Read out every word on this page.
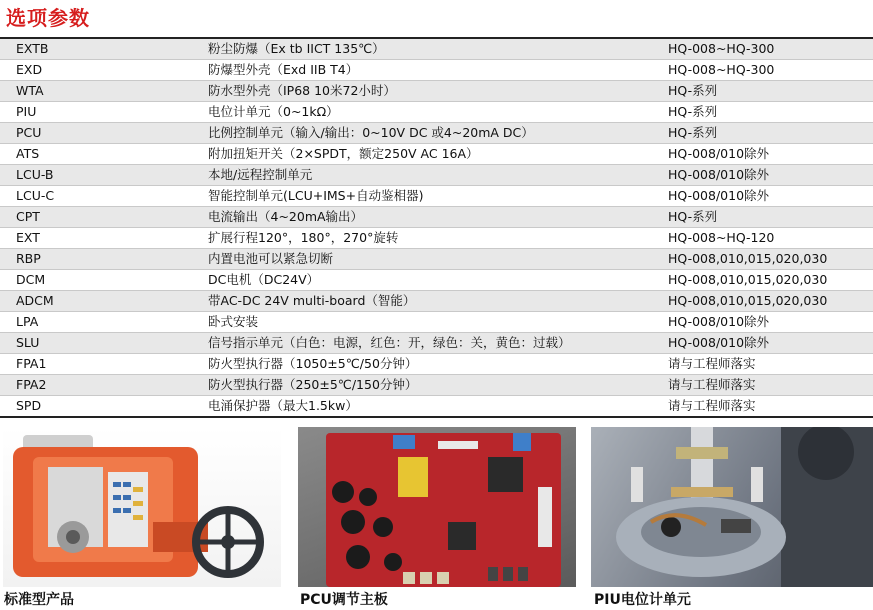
选项参数
EXTB	粉尘防爆（Ex tb IICT 135℃）	HQ-008~HQ-300
EXD	防爆型外壳（Exd IIB T4）	HQ-008~HQ-300
WTA	防水型外壳（IP68 10米72小时）	HQ-系列
PIU	电位计单元（0~1kΩ）	HQ-系列
PCU	比例控制单元（输入/输出：0~10V DC 或4~20mA DC）	HQ-系列
ATS	附加扭矩开关（2×SPDT，额定250V AC 16A）	HQ-008/010除外
LCU-B	本地/远程控制单元	HQ-008/010除外
LCU-C	智能控制单元(LCU+IMS+自动鉴相器)	HQ-008/010除外
CPT	电流输出（4~20mA输出）	HQ-系列
EXT	扩展行程120°，180°，270°旋转	HQ-008~HQ-120
RBP	内置电池可以紧急切断	HQ-008,010,015,020,030
DCM	DC电机（DC24V）	HQ-008,010,015,020,030
ADCM	带AC-DC 24V multi-board（智能）	HQ-008,010,015,020,030
LPA	卧式安装	HQ-008/010除外
SLU	信号指示单元（白色：电源，红色：开，绿色：关，黄色：过载）	HQ-008/010除外
FPA1	防火型执行器（1050±5℃/50分钟）	请与工程师落实
FPA2	防火型执行器（250±5℃/150分钟）	请与工程师落实
SPD	电涌保护器（最大1.5kw）	请与工程师落实
标准型产品	PCU调节主板	PIU电位计单元
